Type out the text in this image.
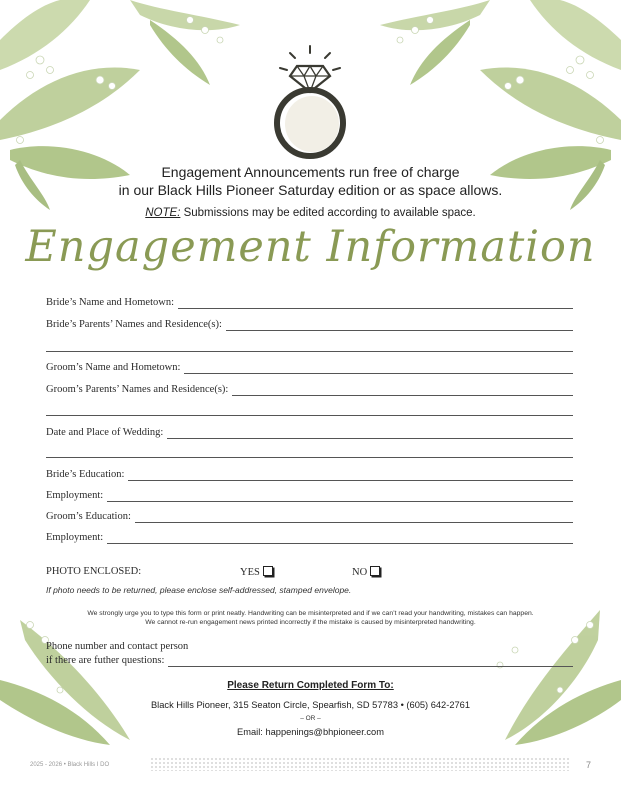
Engagement Announcements run free of charge
in our Black Hills Pioneer Saturday edition or as space allows.
NOTE: Submissions may be edited according to available space.
Engagement Information
Bride’s Name and Hometown:
Bride’s Parents’ Names and Residence(s):
Groom’s Name and Hometown:
Groom’s Parents’ Names and Residence(s):
Date and Place of Wedding:
Bride’s Education:
Employment:
Groom’s Education:
Employment:
PHOTO ENCLOSED:	YES	NO
If photo needs to be returned, please enclose self-addressed, stamped envelope.
We strongly urge you to type this form or print neatly. Handwriting can be misinterpreted and if we can’t read your handwriting, mistakes can happen.
We cannot re-run engagement news printed incorrectly if the mistake is caused by misinterpreted handwriting.
Phone number and contact person
if there are futher questions:
Please Return Completed Form To:
Black Hills Pioneer, 315 Seaton Circle, Spearfish, SD 57783 • (605) 642-2761
– OR –
Email: happenings@bhpioneer.com
2025 - 2026 • Black Hills I DO	7
